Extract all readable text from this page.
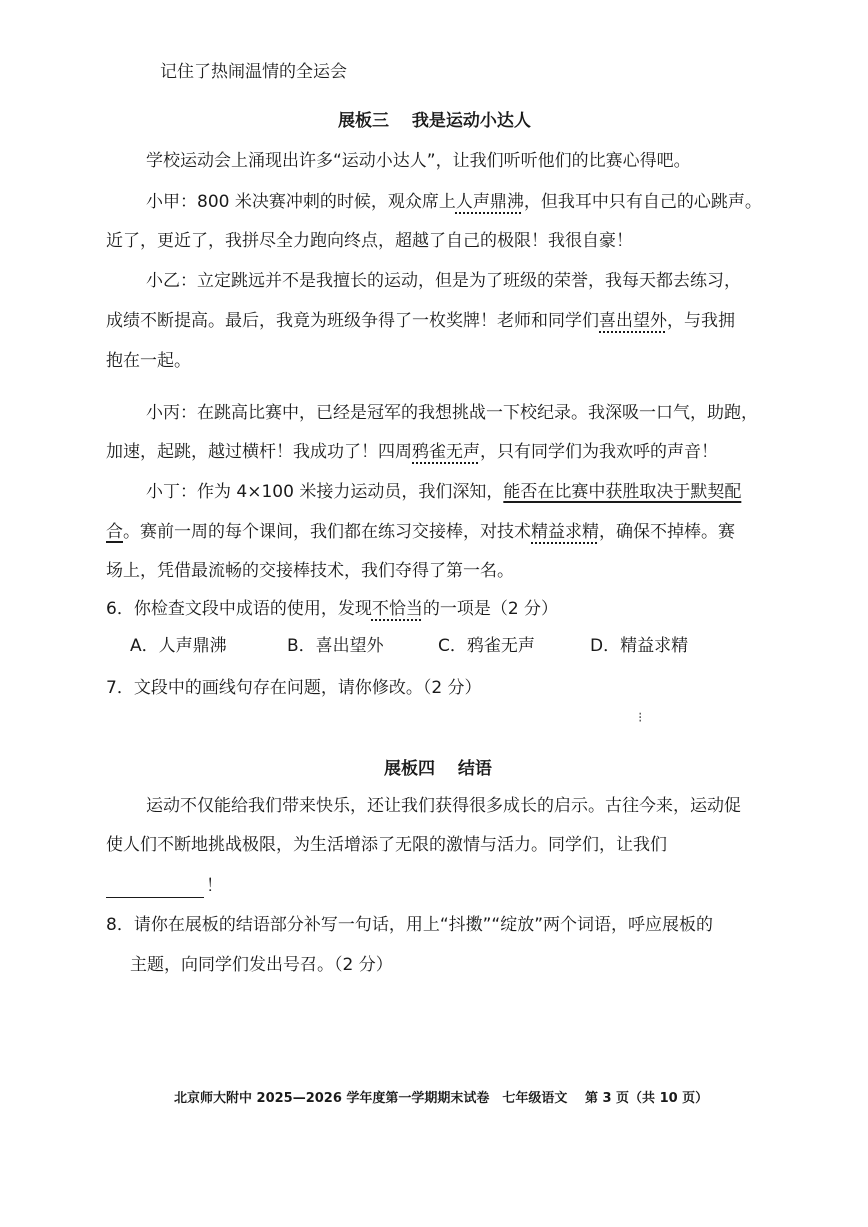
记住了热闹温情的全运会
展板三　 我是运动小达人
学校运动会上涌现出许多“运动小达人”，让我们听听他们的比赛心得吧。
小甲：800 米决赛冲刺的时候，观众席上人声鼎沸，但我耳中只有自己的心跳声。
近了，更近了，我拼尽全力跑向终点，超越了自己的极限！我很自豪！
小乙：立定跳远并不是我擅长的运动，但是为了班级的荣誉，我每天都去练习，
成绩不断提高。最后，我竟为班级争得了一枚奖牌！老师和同学们喜出望外，与我拥
抱在一起。
小丙：在跳高比赛中，已经是冠军的我想挑战一下校纪录。我深吸一口气，助跑，
加速，起跳，越过横杆！我成功了！四周鸦雀无声，只有同学们为我欢呼的声音！
小丁：作为 4×100 米接力运动员，我们深知，能否在比赛中获胜取决于默契配
合。赛前一周的每个课间，我们都在练习交接棒，对技术精益求精，确保不掉棒。赛
场上，凭借最流畅的交接棒技术，我们夺得了第一名。
6．你检查文段中成语的使用，发现不恰当的一项是（2 分）
A．人声鼎沸	B．喜出望外	C．鸦雀无声	D．精益求精
7．文段中的画线句存在问题，请你修改。（2 分）
⁝
展板四　 结语
运动不仅能给我们带来快乐，还让我们获得很多成长的启示。古往今来，运动促
使人们不断地挑战极限，为生活增添了无限的激情与活力。同学们，让我们
！
8．请你在展板的结语部分补写一句话，用上“抖擞”“绽放”两个词语，呼应展板的
主题，向同学们发出号召。（2 分）
北京师大附中 2025—2026 学年度第一学期期末试卷　七年级语文　 第 3 页（共 10 页）
